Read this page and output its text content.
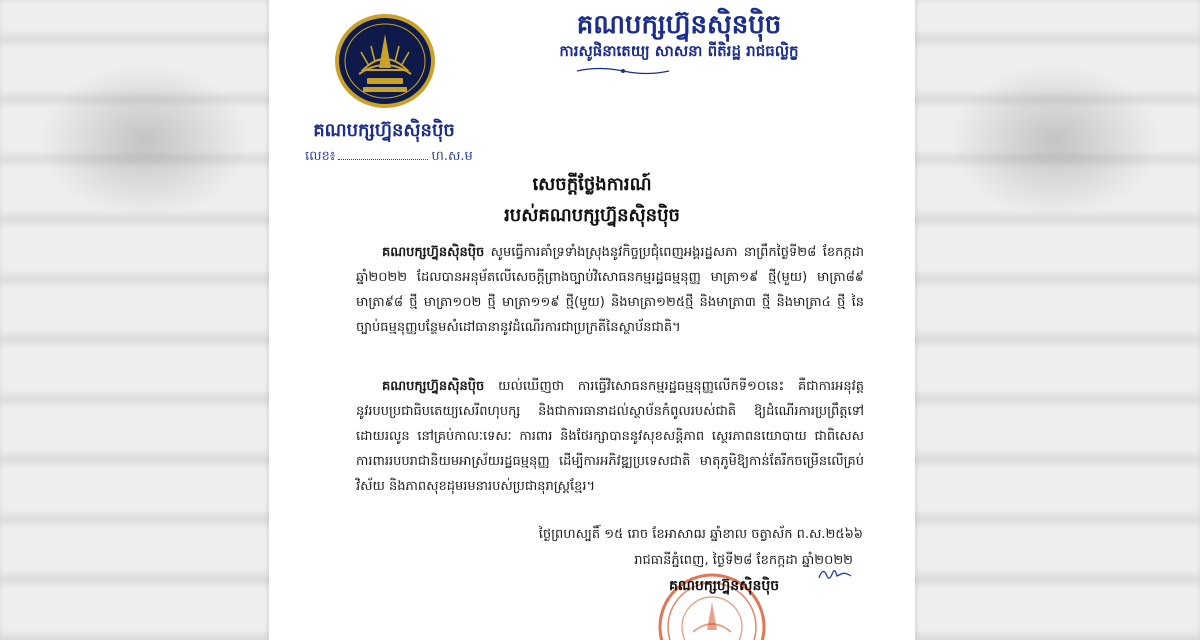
គណបក្សហ្វ៊ុនស៊ិនប៉ិច
លេខ៖	ហ.ស.ម
គណបក្សហ្វ៊ុនស៊ិនប៉ិច
ការសូផិនាតេយ្យ សាសនា ពីតិរដ្ឋ រាជធល្លិក្ខ
សេចក្តីថ្លែងការណ៍
របស់គណបក្សហ្វ៊ុនស៊ិនប៉ិច
គណបក្សហ្វ៊ុនស៊ិនប៉ិច សូមធ្វើការគាំទ្រទាំងស្រុងនូវកិច្ចប្រជុំពេញអង្គរដ្ឋសភា នាព្រឹកថ្ងៃទី២៨ ខែកក្កដា ឆ្នាំ២០២២ ដែលបានអនុម័តលើសេចក្តីព្រាងច្បាប់វិសោធនកម្មរដ្ឋធម្មនុញ្ញ មាត្រា១៩ ថ្មី(មួយ) មាត្រា៨៩ មាត្រា៩៨ ថ្មី មាត្រា១០២ ថ្មី មាត្រា១១៩ ថ្មី(មួយ) និងមាត្រា១២៥ថ្មី និងមាត្រា៣ ថ្មី និងមាត្រា៤ ថ្មី នៃច្បាប់ធម្មនុញ្ញបន្ថែមសំដៅធានានូវដំណើរការជាប្រក្រតីនៃស្ថាប័នជាតិ។
គណបក្សហ្វ៊ុនស៊ិនប៉ិច យល់ឃើញថា ការធ្វើវិសោធនកម្មរដ្ឋធម្មនុញ្ញលើកទី១០នេះ គឺជាការអនុវត្តនូវរបបប្រជាធិបតេយ្យសេរីពហុបក្ស និងជាការធានាដល់ស្ថាប័នកំពូលរបស់ជាតិ ឱ្យដំណើរការប្រព្រឹត្តទៅដោយរលូន នៅគ្រប់កាលៈទេសៈ ការពារ និងថែរក្សាបាននូវសុខសន្តិភាព ស្ថេរភាពនយោបាយ ជាពិសេសការពាររបបរាជានិយមអាស្រ័យរដ្ឋធម្មនុញ្ញ ដើម្បីការអភិវឌ្ឍប្រទេសជាតិ មាតុភូមិឱ្យកាន់តែរីកចម្រើនលើគ្រប់វិស័យ និងភាពសុខដុមរមនារបស់ប្រជានុរាស្ត្រខ្មែរ។
ថ្ងៃព្រហស្បតិ៍ ១៥ រោច ខែអាសាឍ ឆ្នាំខាល ចត្វាស័ក ព.ស.២៥៦៦
រាជធានីភ្នំពេញ, ថ្ងៃទី២៨ ខែកក្កដា ឆ្នាំ២០២២
គណបក្សហ្វ៊ុនស៊ិនប៉ិច
